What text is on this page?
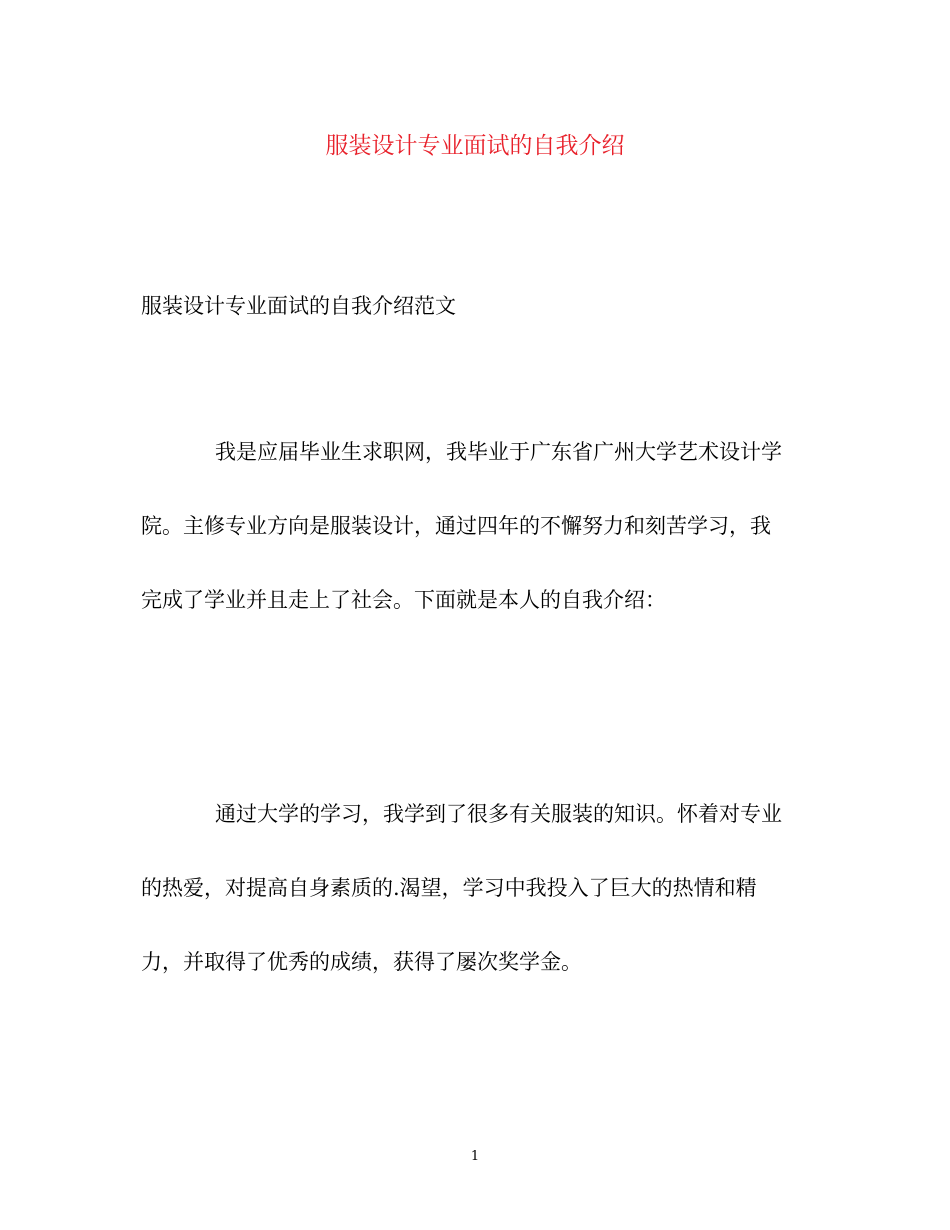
服装设计专业面试的自我介绍

服装设计专业面试的自我介绍范文

我是应届毕业生求职网，我毕业于广东省广州大学艺术设计学
院。主修专业方向是服装设计，通过四年的不懈努力和刻苦学习，我
完成了学业并且走上了社会。下面就是本人的自我介绍：
通过大学的学习，我学到了很多有关服装的知识。怀着对专业
的热爱，对提高自身素质的.渴望，学习中我投入了巨大的热情和精
力，并取得了优秀的成绩，获得了屡次奖学金。
1
